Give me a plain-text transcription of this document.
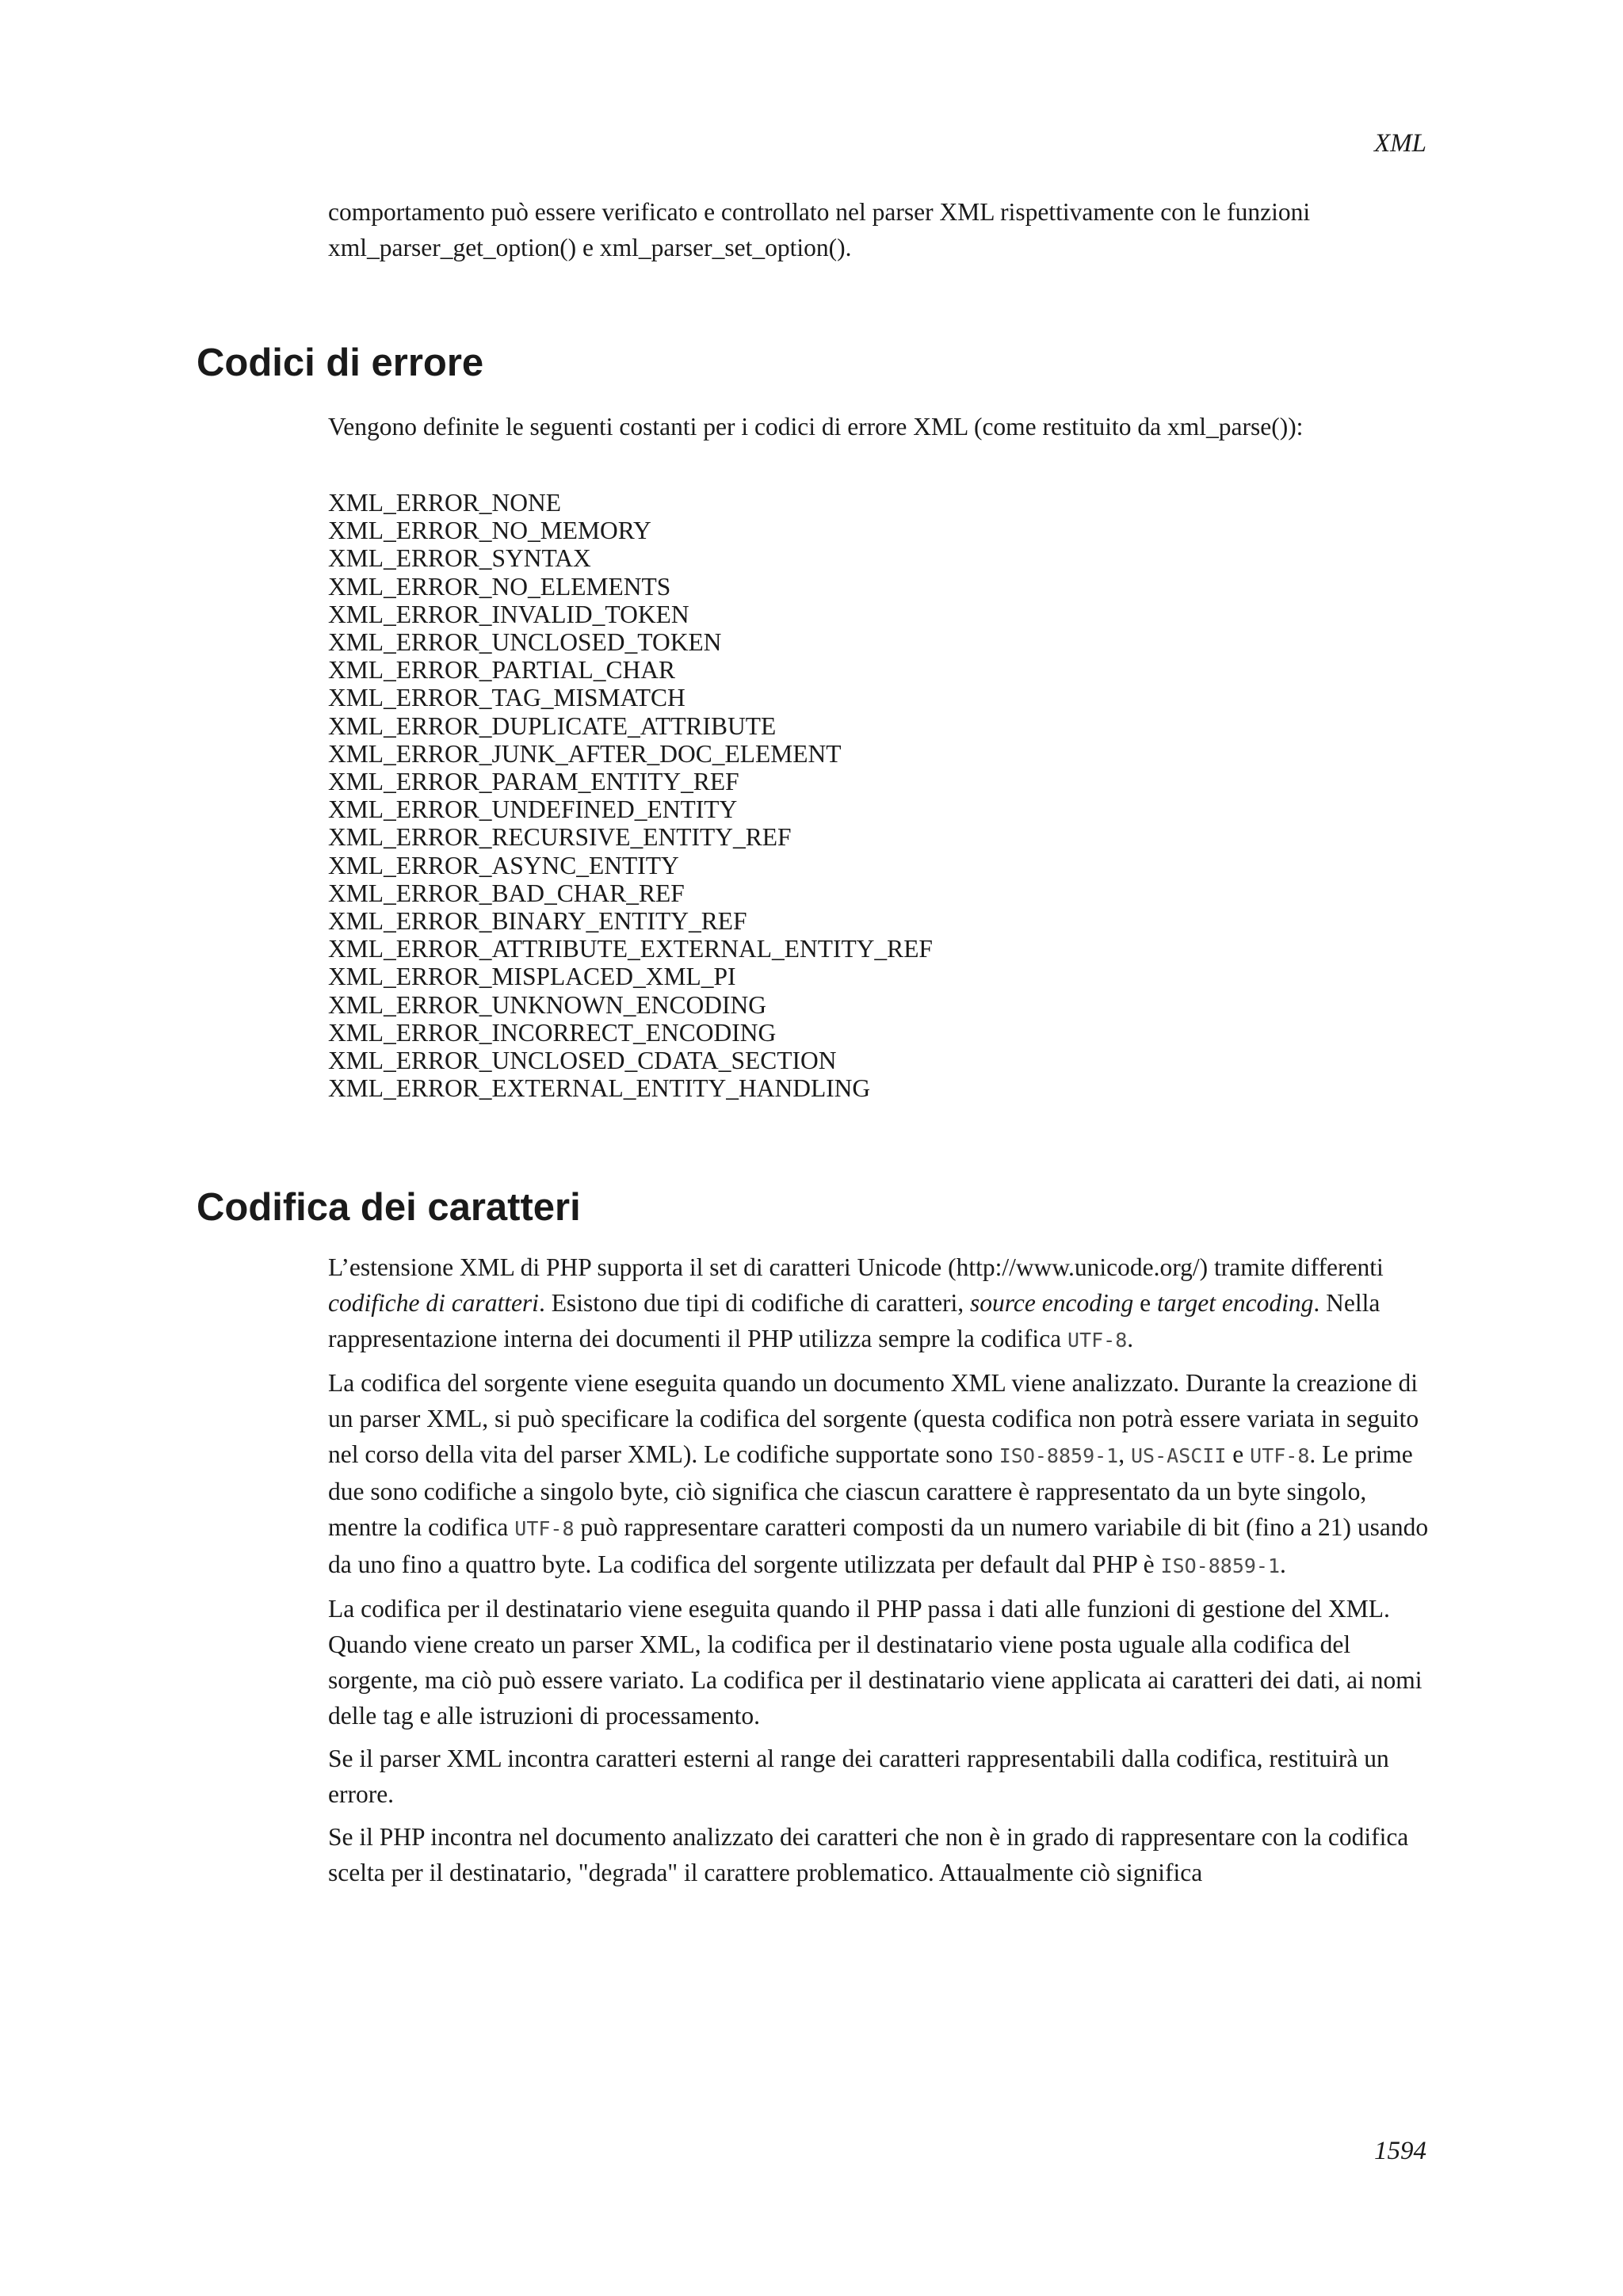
XML

comportamento può essere verificato e controllato nel parser XML rispettivamente con le funzioni xml_parser_get_option() e xml_parser_set_option().

Codici di errore

Vengono definite le seguenti costanti per i codici di errore XML (come restituito da xml_parse()):

XML_ERROR_NONE
XML_ERROR_NO_MEMORY
XML_ERROR_SYNTAX
XML_ERROR_NO_ELEMENTS
XML_ERROR_INVALID_TOKEN
XML_ERROR_UNCLOSED_TOKEN
XML_ERROR_PARTIAL_CHAR
XML_ERROR_TAG_MISMATCH
XML_ERROR_DUPLICATE_ATTRIBUTE
XML_ERROR_JUNK_AFTER_DOC_ELEMENT
XML_ERROR_PARAM_ENTITY_REF
XML_ERROR_UNDEFINED_ENTITY
XML_ERROR_RECURSIVE_ENTITY_REF
XML_ERROR_ASYNC_ENTITY
XML_ERROR_BAD_CHAR_REF
XML_ERROR_BINARY_ENTITY_REF
XML_ERROR_ATTRIBUTE_EXTERNAL_ENTITY_REF
XML_ERROR_MISPLACED_XML_PI
XML_ERROR_UNKNOWN_ENCODING
XML_ERROR_INCORRECT_ENCODING
XML_ERROR_UNCLOSED_CDATA_SECTION
XML_ERROR_EXTERNAL_ENTITY_HANDLING
Codifica dei caratteri

L’estensione XML di PHP supporta il set di caratteri Unicode (http://www.unicode.org/) tramite differenti codifiche di caratteri. Esistono due tipi di codifiche di caratteri, source encoding e target encoding. Nella rappresentazione interna dei documenti il PHP utilizza sempre la codifica UTF-8.

La codifica del sorgente viene eseguita quando un documento XML viene analizzato. Durante la creazione di un parser XML, si può specificare la codifica del sorgente (questa codifica non potrà essere variata in seguito nel corso della vita del parser XML). Le codifiche supportate sono ISO-8859-1, US-ASCII e UTF-8. Le prime due sono codifiche a singolo byte, ciò significa che ciascun carattere è rappresentato da un byte singolo, mentre la codifica UTF-8 può rappresentare caratteri composti da un numero variabile di bit (fino a 21) usando da uno fino a quattro byte. La codifica del sorgente utilizzata per default dal PHP è ISO-8859-1.

La codifica per il destinatario viene eseguita quando il PHP passa i dati alle funzioni di gestione del XML. Quando viene creato un parser XML, la codifica per il destinatario viene posta uguale alla codifica del sorgente, ma ciò può essere variato. La codifica per il destinatario viene applicata ai caratteri dei dati, ai nomi delle tag e alle istruzioni di processamento.

Se il parser XML incontra caratteri esterni al range dei caratteri rappresentabili dalla codifica, restituirà un errore.

Se il PHP incontra nel documento analizzato dei caratteri che non è in grado di rappresentare con la codifica scelta per il destinatario, "degrada" il carattere problematico. Attaualmente ciò significa

1594
